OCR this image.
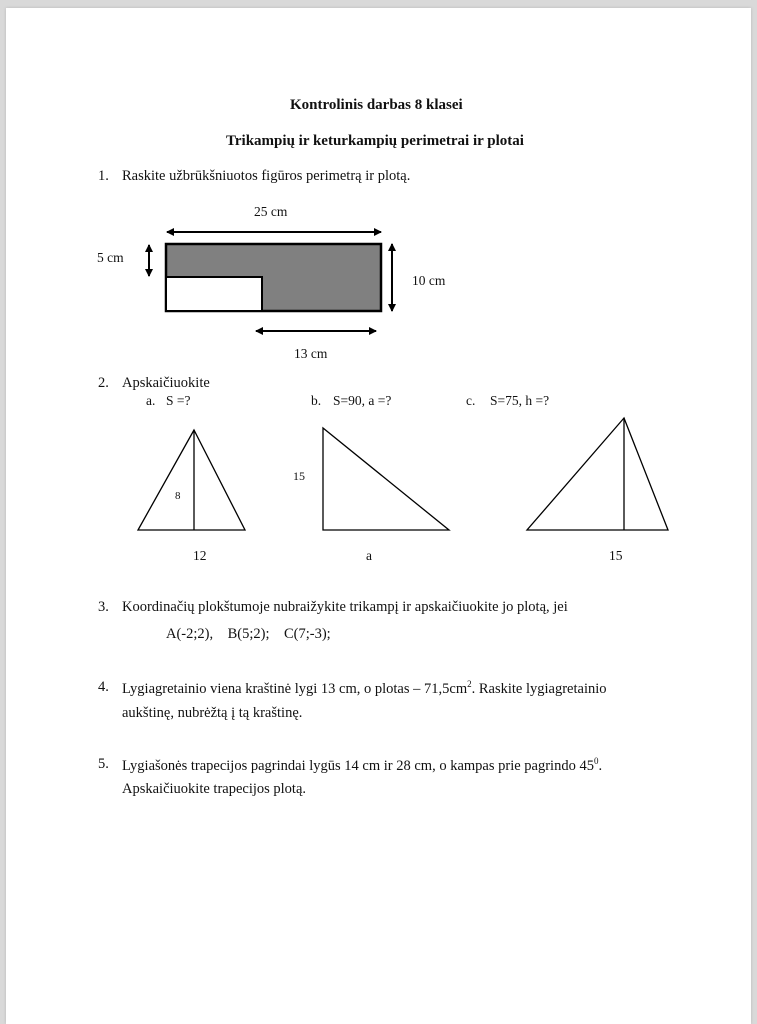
Kontrolinis darbas 8 klasei
Trikampių ir keturkampių perimetrai ir plotai
1. Raskite užbrūkšniuotos figūros perimetrą ir plotą.
25 cm
5 cm
10 cm
13 cm
2. Apskaičiuokite
a. S =?	b. S=90, a =?	c. S=75, h =?
8
12
15
a	15
3. Koordinačių plokštumoje nubraižykite trikampį ir apskaičiuokite jo plotą, jei
A(-2;2),    B(5;2);    C(7;-3);
4. Lygiagretainio viena kraštinė lygi 13 cm, o plotas – $71,5cm^2$. Raskite lygiagretainio
aukštinę, nubrėžtą į tą kraštinę.
5. Lygiašonės trapecijos pagrindai lygūs 14 cm ir 28 cm, o kampas prie pagrindo $45^0$.
Apskaičiuokite trapecijos plotą.
